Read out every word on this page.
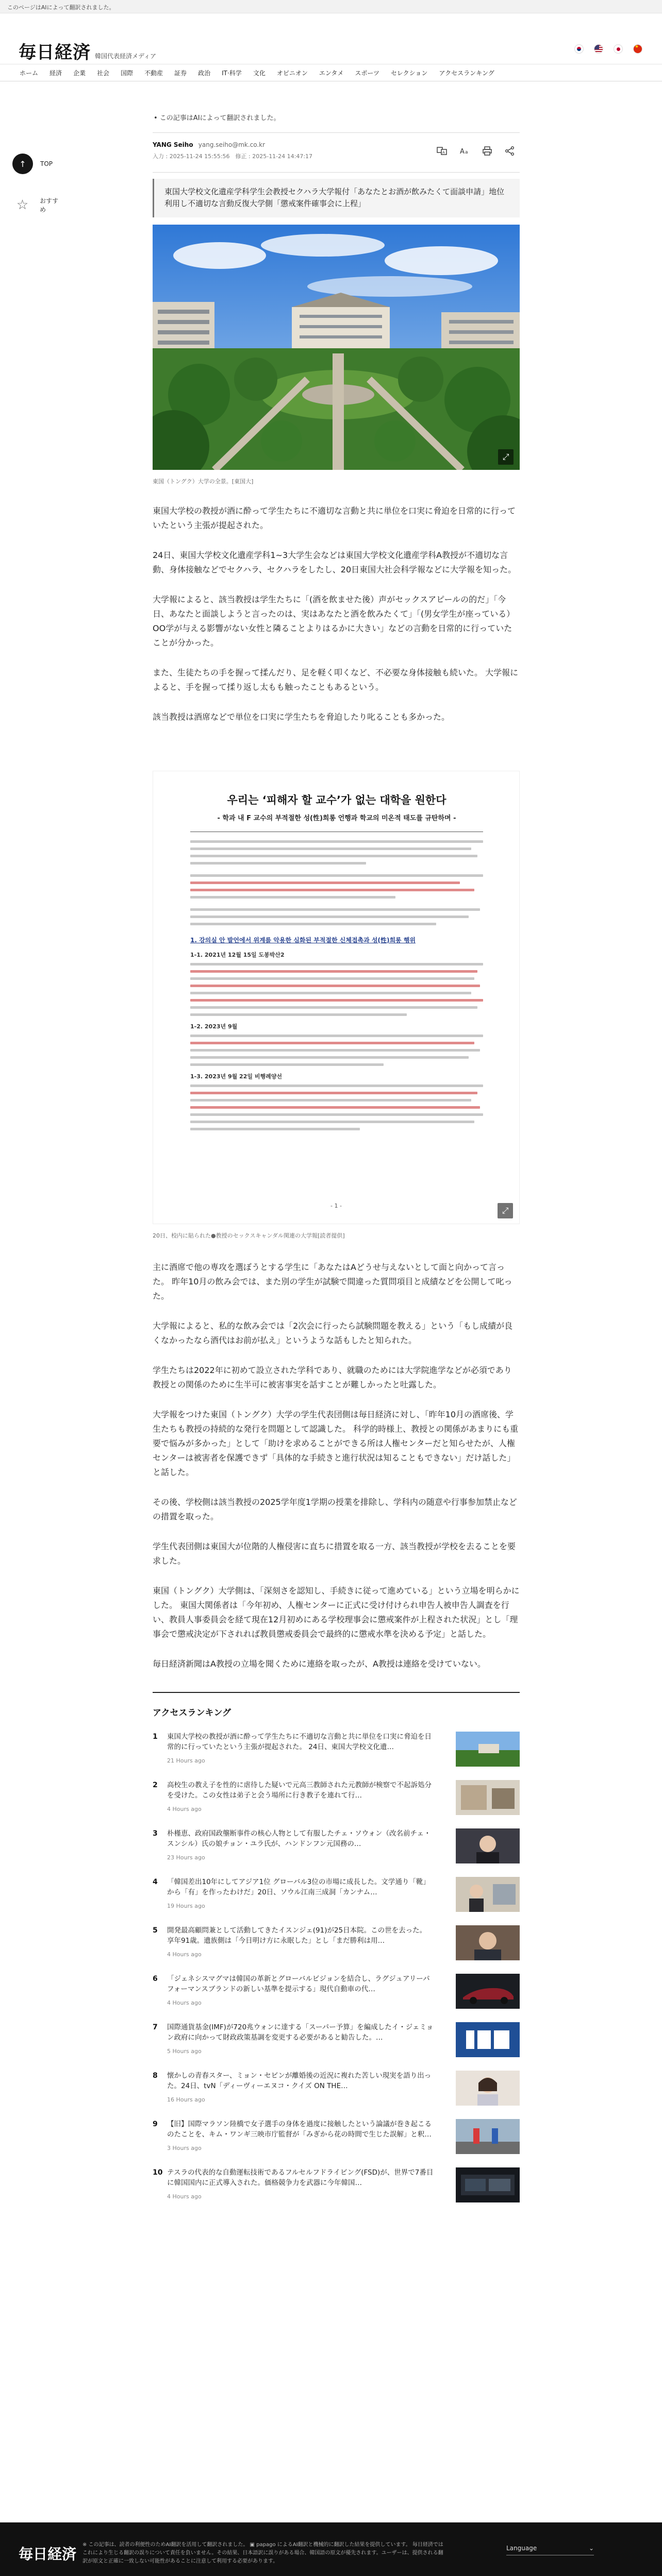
このページはAIによって翻訳されました。
毎日経済 韓国代表経済メディア
★
ホーム	経済	企業	社会	国際	不動産	証券	政治	IT·科学	文化	オピニオン	エンタメ	スポーツ	セレクション	アクセスランキング
↑	TOP
☆	おすすめ
• この記事はAIによって翻訳されました。
YANG Seiho yang.seiho@mk.co.kr
入力 : 2025-11-24 15:55:56　修正 : 2025-11-24 14:47:17
A A a
東国大学校文化遺産学科学生会教授セクハラ大学報付「あなたとお酒が飲みたくて面談申請」地位利用し不適切な言動反復大学側「懲戒案件確事会に上程」
⤢
東国（トングク）大学の全景。[東国大]

東国大学校の教授が酒に酔って学生たちに不適切な言動と共に単位を口実に脅迫を日常的に行っていたという主張が提起された。

24日、東国大学校文化遺産学科1∼3大学生会などは東国大学校文化遺産学科A教授が不適切な言動、身体接触などでセクハラ、セクハラをしたし、20日東国大社会科学報などに大学報を知った。

大学報によると、該当教授は学生たちに「(酒を飲ませた後）声がセックスアピールの的だ」「今日、あなたと面談しようと言ったのは、実はあなたと酒を飲みたくて」「(男女学生が座っている）OO学が与える影響がない女性と隣ることよりはるかに大きい」などの言動を日常的に行っていたことが分かった。

また、生徒たちの手を握って揉んだり、足を軽く叩くなど、不必要な身体接触も続いた。 大学報によると、手を握って揉り返し太もも触ったこともあるという。

該当教授は酒席などで単位を口実に学生たちを脅迫したり叱ることも多かった。

우리는 ‘피해자 할 교수’가 없는 대학을 원한다
- 학과 내 F 교수의 부적절한 성(性)희롱 언행과 학교의 미온적 태도를 규탄하며 -
1. 강의실 안 발언에서 위계를 악용한 심화된 부적절한 신체접촉과 성(性)희롱 행위
1-1. 2021년 12월 15일 도봉박산2
1-2. 2023년 9월
1-3. 2023년 9월 22일 비행례양선
- 1 -	⤢
20日、校内に貼られた●教授のセックスキャンダル関連の大学報[読者提供]

主に酒席で他の専攻を選ぼうとする学生に「あなたはAどうせ与えないとして面と向かって言った。 昨年10月の飲み会では、また別の学生が試験で間違った質問項目と成績などを公開して叱った。

大学報によると、私的な飲み会では「2次会に行ったら試験問題を教える」という「もし成績が良くなかったなら酒代はお前が払え」というような話もしたと知られた。

学生たちは2022年に初めて設立された学科であり、就職のためには大学院進学などが必須であり教授との関係のために生半可に被害事実を話すことが難しかったと吐露した。

大学報をつけた東国（トングク）大学の学生代表団側は毎日経済に対し、「昨年10月の酒席後、学生たちも教授の持続的な発行を問題として認識した。 科学的時様上、教授との関係があまりにも重要で悩みが多かった」として「助けを求めることができる所は人権センターだと知らせたが、人権センターは被害者を保護できず「具体的な手続きと進行状況は知ることもできない」だけ話した」と話した。

その後、学校側は該当教授の2025学年度1学期の授業を排除し、学科内の随意や行事参加禁止などの措置を取った。

学生代表団側は東国大が位階的人権侵害に直ちに措置を取る一方、該当教授が学校を去ることを要求した。

東国（トングク）大学側は、「深刻さを認知し、手続きに従って進めている」という立場を明らかにした。 東国大関係者は「今年初め、人権センターに正式に受け付けられ申告人被申告人調査を行い、教員人事委員会を経て現在12月初めにある学校理事会に懲戒案件が上程された状況」とし「理事会で懲戒決定が下されれば教員懲戒委員会で最終的に懲戒水準を決める予定」と話した。

毎日経済新聞はA教授の立場を聞くために連絡を取ったが、A教授は連絡を受けていない。

アクセスランキング
1	東国大学校の教授が酒に酔って学生たちに不適切な言動と共に単位を口実に脅迫を日常的に行っていたという主張が提起された。 24日、東国大学校文化遺…
21 Hours ago
2	高校生の教え子を性的に虐待した疑いで元高三教師された元教師が検察で不起訴処分を受けた。この女性は弟子と会う場所に行き教子を連れて行…
4 Hours ago
3	朴槿恵、政府国政壟断事件の核心人物として有服したチェ・ソウォン（改名前チェ・スンシル）氏の娘チョン・ユラ氏が、ハンドンフン元国務の…
23 Hours ago
4	「韓国差出10年にしてアジア1位 グローバル3位の市場に成長した。文学通り「靴」から「有」を作ったわけだ」20日、ソウル江南三成洞「カンナム…
19 Hours ago
5	開発最高顧問兼として活動してきたイスンジェ(91)が25日本院。この世を去った。 享年91歳。遺族側は「今日明け方に永眠した」とし「まだ勝利は用…
4 Hours ago
6	「ジェネシスマグマは韓国の革新とグローバルビジョンを結合し、ラグジュアリーパフォーマンスブランドの新しい基準を提示する」現代自動車の代…
4 Hours ago
7	国際通貨基金(IMF)が720兆ウォンに達する「スーパー予算」を編成したイ・ジェミョン政府に向かって財政政策基調を変更する必要があると勧告した。…
5 Hours ago
8	懐かしの青春スター、ミョン・セビンが離婚後の近況に複れた苦しい現実を語り出った。24日、tvN「ディーヴィーエヌコ・クイズ ON THE…
16 Hours ago
9	【旧】国際マラソン陸橋で女子選手の身体を過度に接触したという論議が巻き起こるのたことを、キム・ワンギ三映市庁監督が「みぎから花の時間で生じた誤解」と釈…
3 Hours ago
10 テスラの代表的な自動運転技術であるフルセルフドライビング(FSD)が、世界で7番目に韓国国内に正式導入された。価格競争力を武器に今年韓国…
4 Hours ago
毎日経済
※ この記事は、読者の利便性のためAI翻訳を活用して翻訳されました。 ▣ papago によるAI翻訳と機械的に翻訳した結果を提供しています。 毎日経済ではこれにより生じる翻訳の誤りについて責任を負いません。その結果、日本語訳に誤りがある場合、韓国語の原文が優先されます。ユーザーは、提供される翻訳が原文と正確に一致しない可能性があることに注意して利用する必要があります。
Language	⌄
